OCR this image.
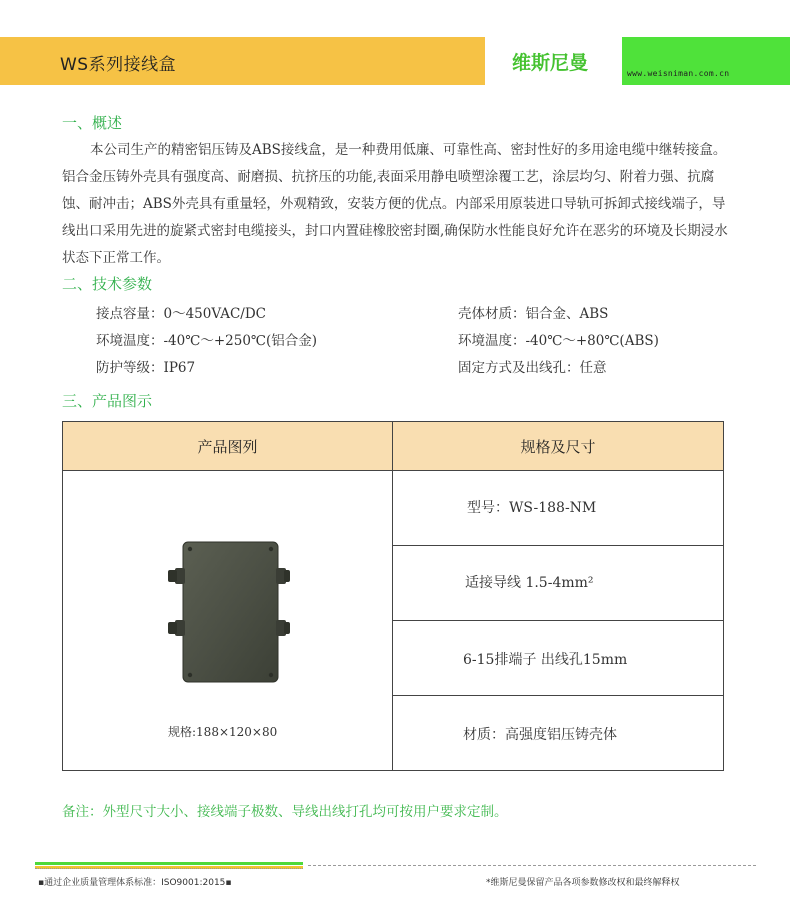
WS系列接线盒	维斯尼曼	www.weisniman.com.cn
一、概述
本公司生产的精密铝压铸及ABS接线盒，是一种费用低廉、可靠性高、密封性好的多用途电缆中继转接盒。铝合金压铸外壳具有强度高、耐磨损、抗挤压的功能,表面采用静电喷塑涂覆工艺，涂层均匀、附着力强、抗腐蚀、耐冲击；ABS外壳具有重量轻，外观精致，安装方便的优点。内部采用原装进口导轨可拆卸式接线端子，导线出口采用先进的旋紧式密封电缆接头，封口内置硅橡胶密封圈,确保防水性能良好允许在恶劣的环境及长期浸水状态下正常工作。
二、技术参数
接点容量：0～450VAC/DC	壳体材质：铝合金、ABS
环境温度：-40℃～+250℃(铝合金)	环境温度：-40℃～+80℃(ABS)
防护等级：IP67	固定方式及出线孔：任意
三、产品图示
产品图列	规格及尺寸
型号：WS-188-NM
适接导线 1.5-4mm²
6-15排端子 出线孔15mm
材质：高强度铝压铸壳体
规格:188×120×80
备注：外型尺寸大小、接线端子极数、导线出线打孔均可按用户要求定制。
▪通过企业质量管理体系标准：ISO9001:2015▪	*维斯尼曼保留产品各项参数修改权和最终解释权
